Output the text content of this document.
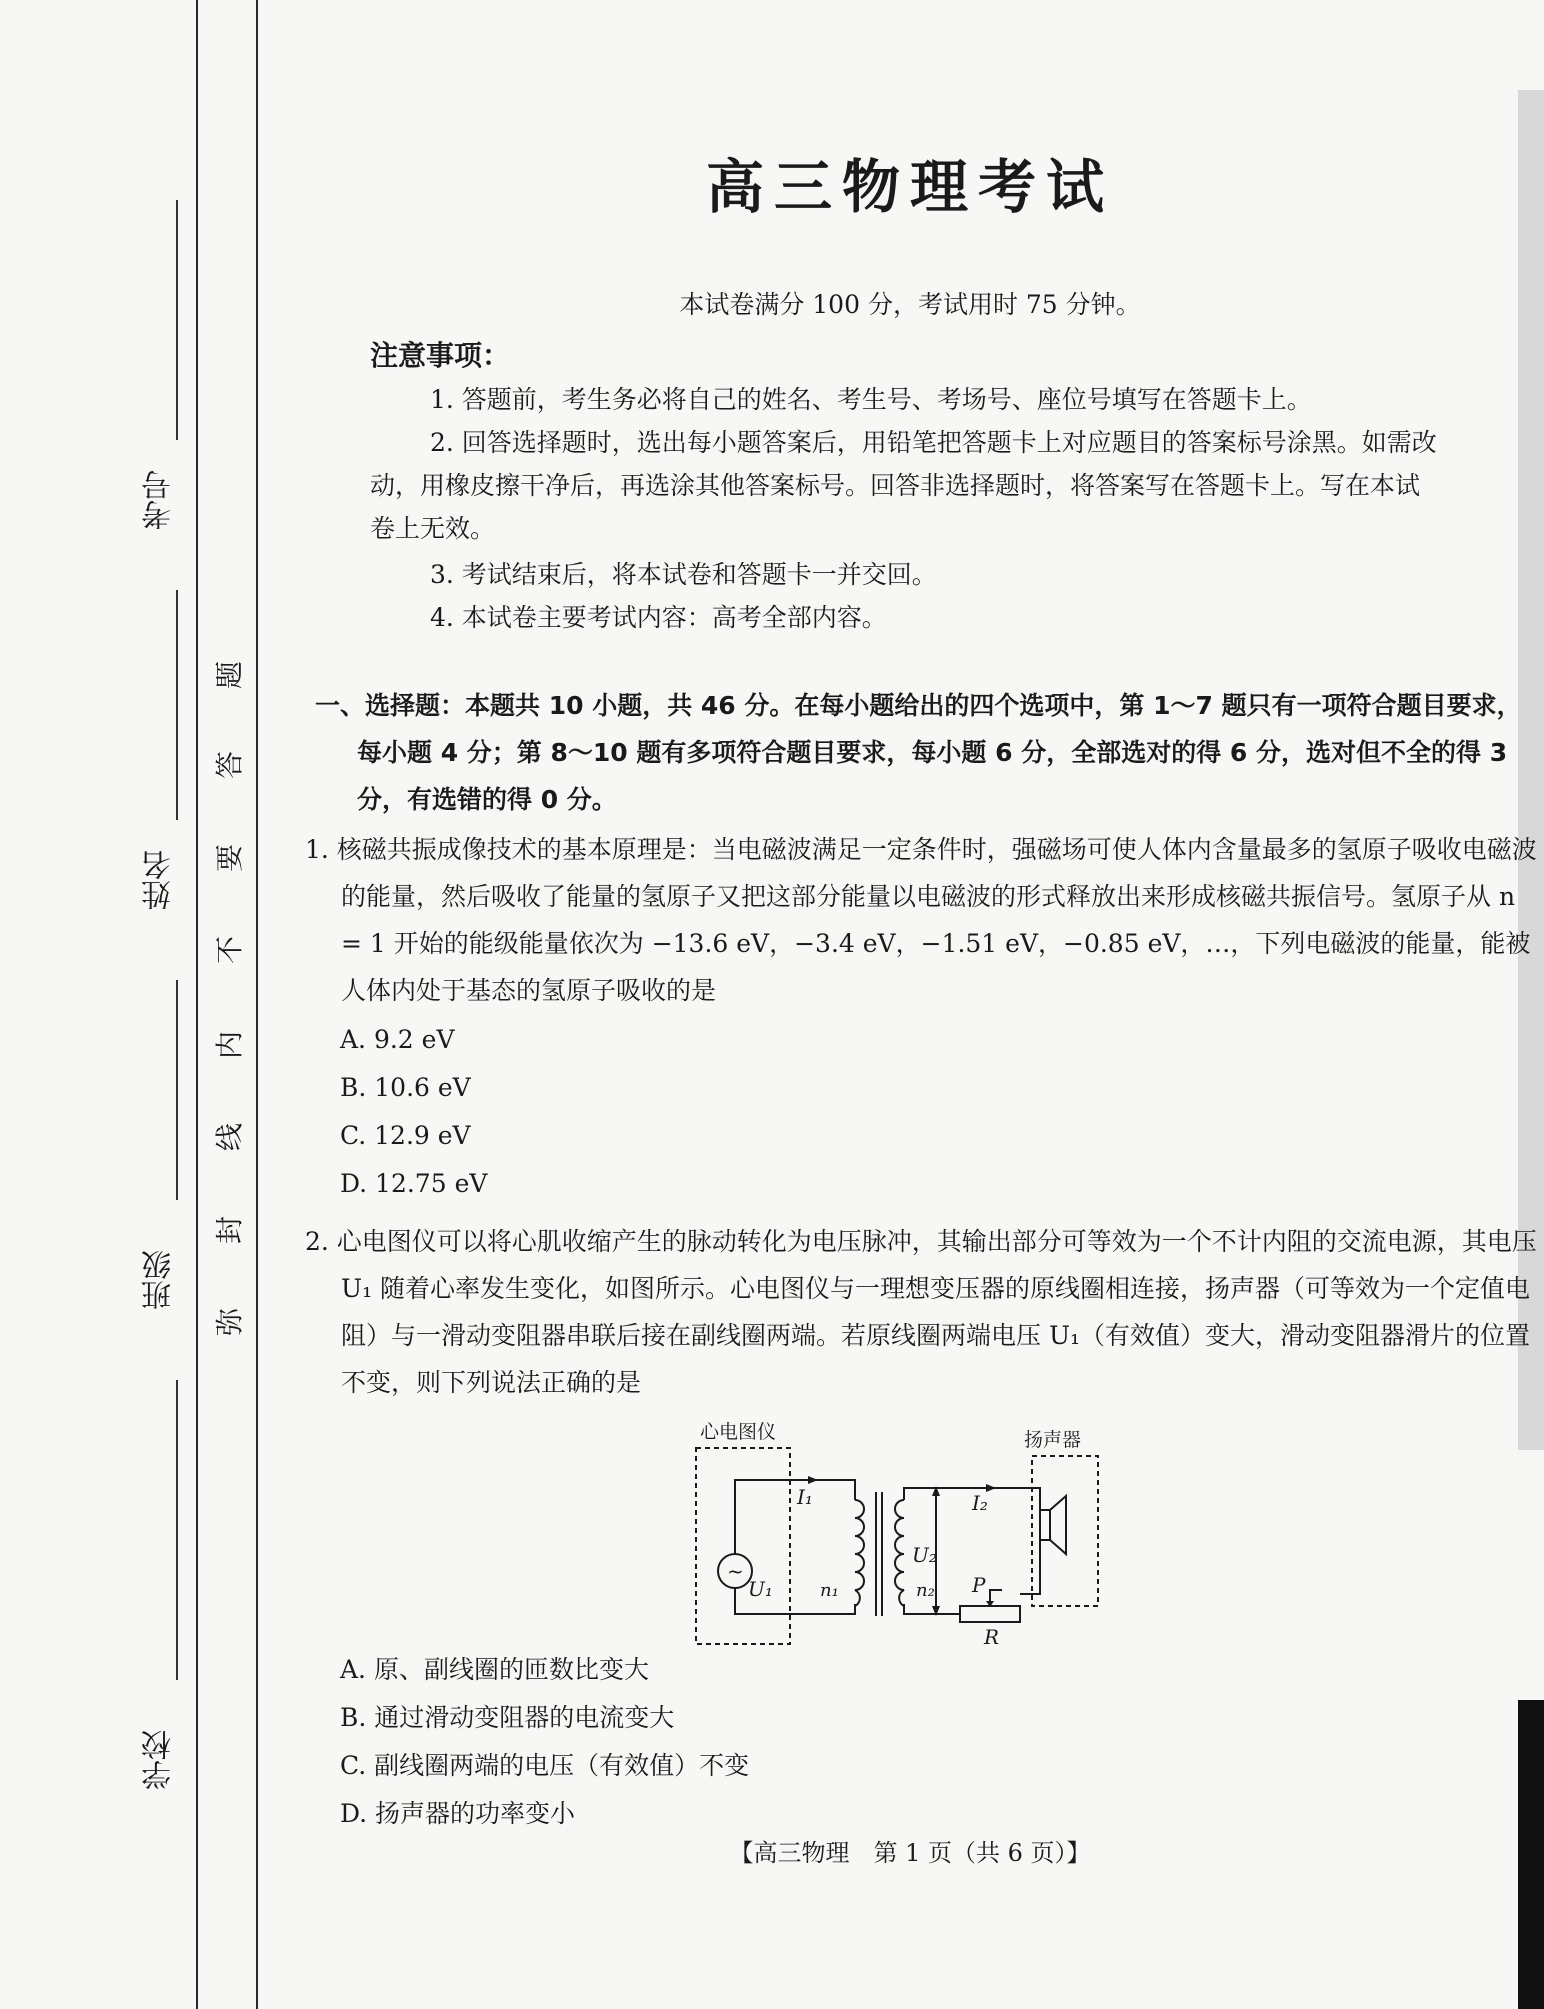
考号
姓名
班级
学校
题
答
要
不
内
线
封
弥
高三物理考试
本试卷满分 100 分，考试用时 75 分钟。
注意事项：
1. 答题前，考生务必将自己的姓名、考生号、考场号、座位号填写在答题卡上。
2. 回答选择题时，选出每小题答案后，用铅笔把答题卡上对应题目的答案标号涂黑。如需改动，用橡皮擦干净后，再选涂其他答案标号。回答非选择题时，将答案写在答题卡上。写在本试卷上无效。
3. 考试结束后，将本试卷和答题卡一并交回。
4. 本试卷主要考试内容：高考全部内容。
一、选择题：本题共 10 小题，共 46 分。在每小题给出的四个选项中，第 1～7 题只有一项符合题目要求，每小题 4 分；第 8～10 题有多项符合题目要求，每小题 6 分，全部选对的得 6 分，选对但不全的得 3 分，有选错的得 0 分。
1. 核磁共振成像技术的基本原理是：当电磁波满足一定条件时，强磁场可使人体内含量最多的氢原子吸收电磁波的能量，然后吸收了能量的氢原子又把这部分能量以电磁波的形式释放出来形成核磁共振信号。氢原子从 n = 1 开始的能级能量依次为 −13.6 eV，−3.4 eV，−1.51 eV，−0.85 eV，…，下列电磁波的能量，能被人体内处于基态的氢原子吸收的是
A. 9.2 eV
B. 10.6 eV
C. 12.9 eV
D. 12.75 eV
2. 心电图仪可以将心肌收缩产生的脉动转化为电压脉冲，其输出部分可等效为一个不计内阻的交流电源，其电压 U₁ 随着心率发生变化，如图所示。心电图仪与一理想变压器的原线圈相连接，扬声器（可等效为一个定值电阻）与一滑动变阻器串联后接在副线圈两端。若原线圈两端电压 U₁（有效值）变大，滑动变阻器滑片的位置不变，则下列说法正确的是
心电图仪	扬声器
I₁	I₂
U₁
U₂
n₁	n₂ P
R
~
A. 原、副线圈的匝数比变大
B. 通过滑动变阻器的电流变大
C. 副线圈两端的电压（有效值）不变
D. 扬声器的功率变小
【高三物理　第 1 页（共 6 页）】
